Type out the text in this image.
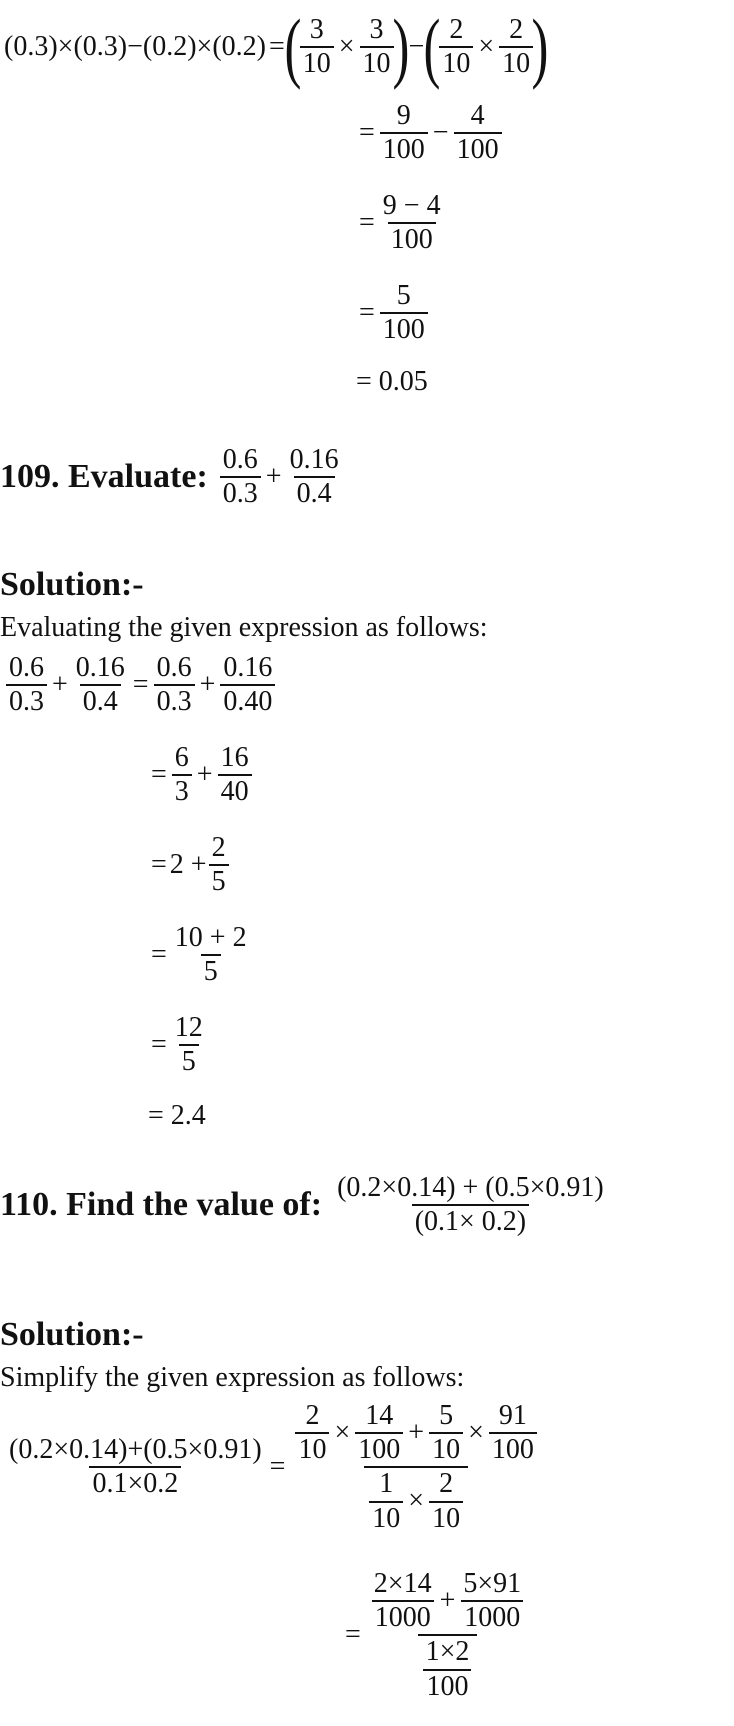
(0.3)×(0.3)−(0.2)×(0.2) = (
$\frac{3}{10} \times \frac{3}{10}$
) − (
$\frac{2}{10} \times \frac{2}{10}$
)
= $\frac{9}{100} - \frac{4}{100}$
= $\frac{9 - 4}{100}$
= $\frac{5}{100}$
= 0.05
109. Evaluate: $\frac{0.6}{0.3} + \frac{0.16}{0.4}$
Solution:-
Evaluating the given expression as follows:
$\frac{0.6}{0.3} + \frac{0.16}{0.4} = \frac{0.6}{0.3} + \frac{0.16}{0.40}$
= $\frac{6}{3} + \frac{16}{40}$
= $2 + \frac{2}{5}$
= $\frac{10 + 2}{5}$
= $\frac{12}{5}$
= 2.4
110. Find the value of: $\frac{(0.2\times 0.14) + (0.5\times 0.91)}{(0.1\times 0.2)}$
Solution:-
Simplify the given expression as follows:
$\frac{(0.2\times 0.14)+(0.5\times 0.91)}{0.1\times 0.2}$ =
$\frac{2}{10} \times \frac{14}{100} + \frac{5}{10} \times \frac{91}{100}$
$\frac{1}{10} \times \frac{2}{10}$
= $\frac{\frac{2\times 14}{1000} + \frac{5\times 91}{1000}}{\frac{1\times 2}{100}}$
